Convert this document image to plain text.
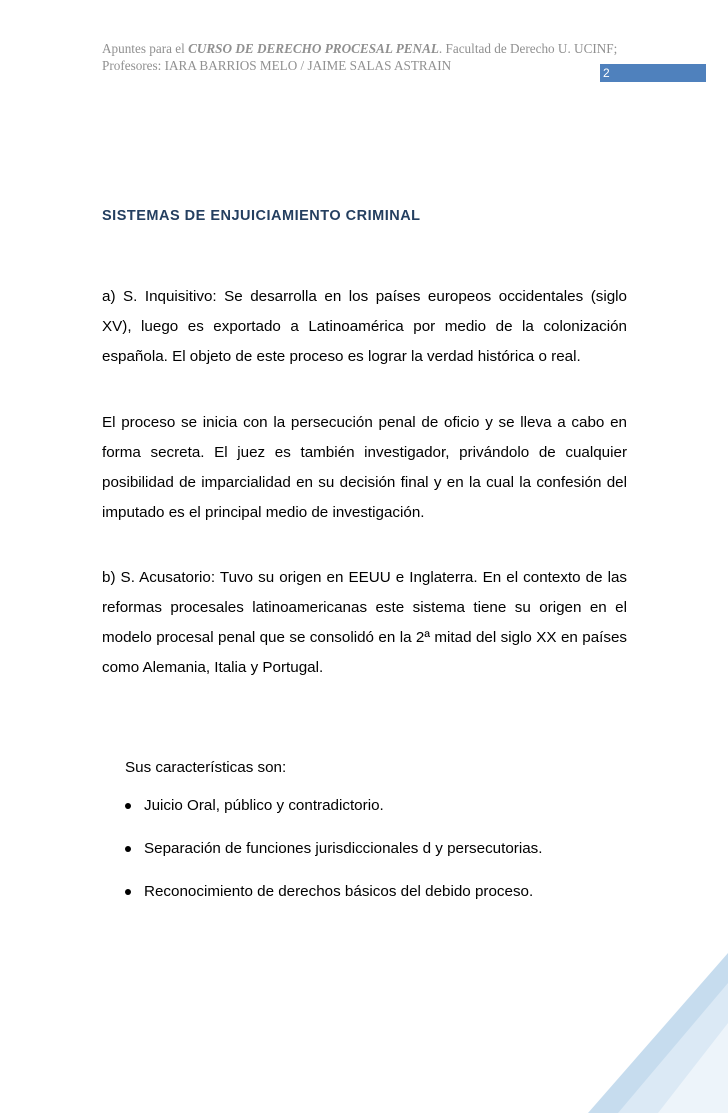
Apuntes para el CURSO DE DERECHO PROCESAL PENAL. Facultad de Derecho U. UCINF;
Profesores: IARA BARRIOS MELO / JAIME SALAS ASTRAIN	2
SISTEMAS DE ENJUICIAMIENTO CRIMINAL
a) S. Inquisitivo: Se desarrolla en los países europeos occidentales (siglo XV), luego es exportado a Latinoamérica por medio de la colonización española. El objeto de este proceso es lograr la verdad histórica o real.
El proceso se inicia con la persecución penal de oficio y se lleva a cabo en forma secreta. El juez es también investigador, privándolo de cualquier posibilidad de imparcialidad en su decisión final y en la cual la confesión del imputado es el principal medio de investigación.
b) S. Acusatorio: Tuvo su origen en EEUU e Inglaterra. En el contexto de las reformas procesales latinoamericanas este sistema tiene su origen en el modelo procesal penal que se consolidó en la 2ª mitad del siglo XX en países como Alemania, Italia y Portugal.
Sus características son:
Juicio Oral, público y contradictorio.
Separación de funciones jurisdiccionales d y persecutorias.
Reconocimiento de derechos básicos del debido proceso.
